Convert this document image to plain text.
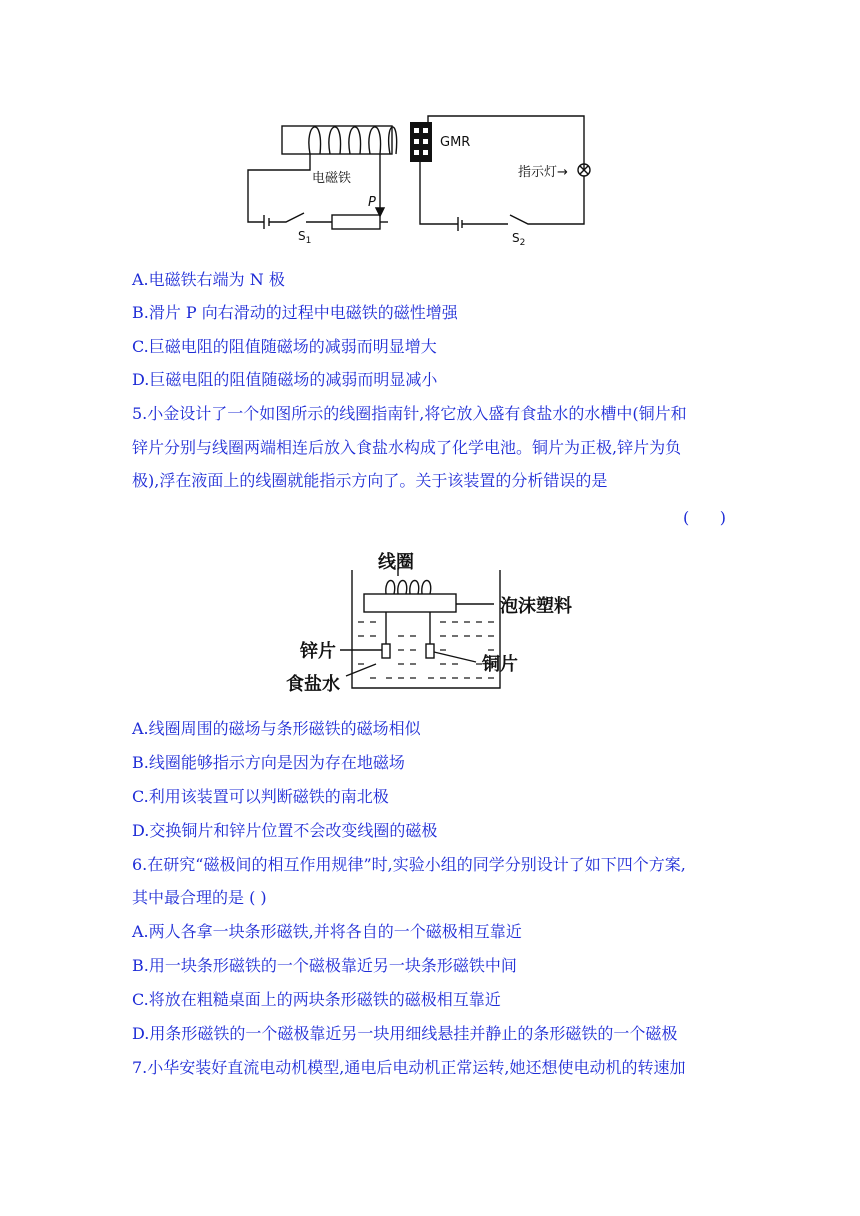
GMR
电磁铁
P
指示灯→
$S_1$	$S_2$
A.电磁铁右端为 N 极
B.滑片 P 向右滑动的过程中电磁铁的磁性增强
C.巨磁电阻的阻值随磁场的减弱而明显增大
D.巨磁电阻的阻值随磁场的减弱而明显减小
5.小金设计了一个如图所示的线圈指南针,将它放入盛有食盐水的水槽中(铜片和
锌片分别与线圈两端相连后放入食盐水构成了化学电池。铜片为正极,锌片为负
极),浮在液面上的线圈就能指示方向了。关于该装置的分析错误的是
(      )
线圈
泡沫塑料
锌片
铜片
食盐水
A.线圈周围的磁场与条形磁铁的磁场相似
B.线圈能够指示方向是因为存在地磁场
C.利用该装置可以判断磁铁的南北极
D.交换铜片和锌片位置不会改变线圈的磁极
6.在研究“磁极间的相互作用规律”时,实验小组的同学分别设计了如下四个方案,
其中最合理的是 ( )
A.两人各拿一块条形磁铁,并将各自的一个磁极相互靠近
B.用一块条形磁铁的一个磁极靠近另一块条形磁铁中间
C.将放在粗糙桌面上的两块条形磁铁的磁极相互靠近
D.用条形磁铁的一个磁极靠近另一块用细线悬挂并静止的条形磁铁的一个磁极
7.小华安装好直流电动机模型,通电后电动机正常运转,她还想使电动机的转速加
